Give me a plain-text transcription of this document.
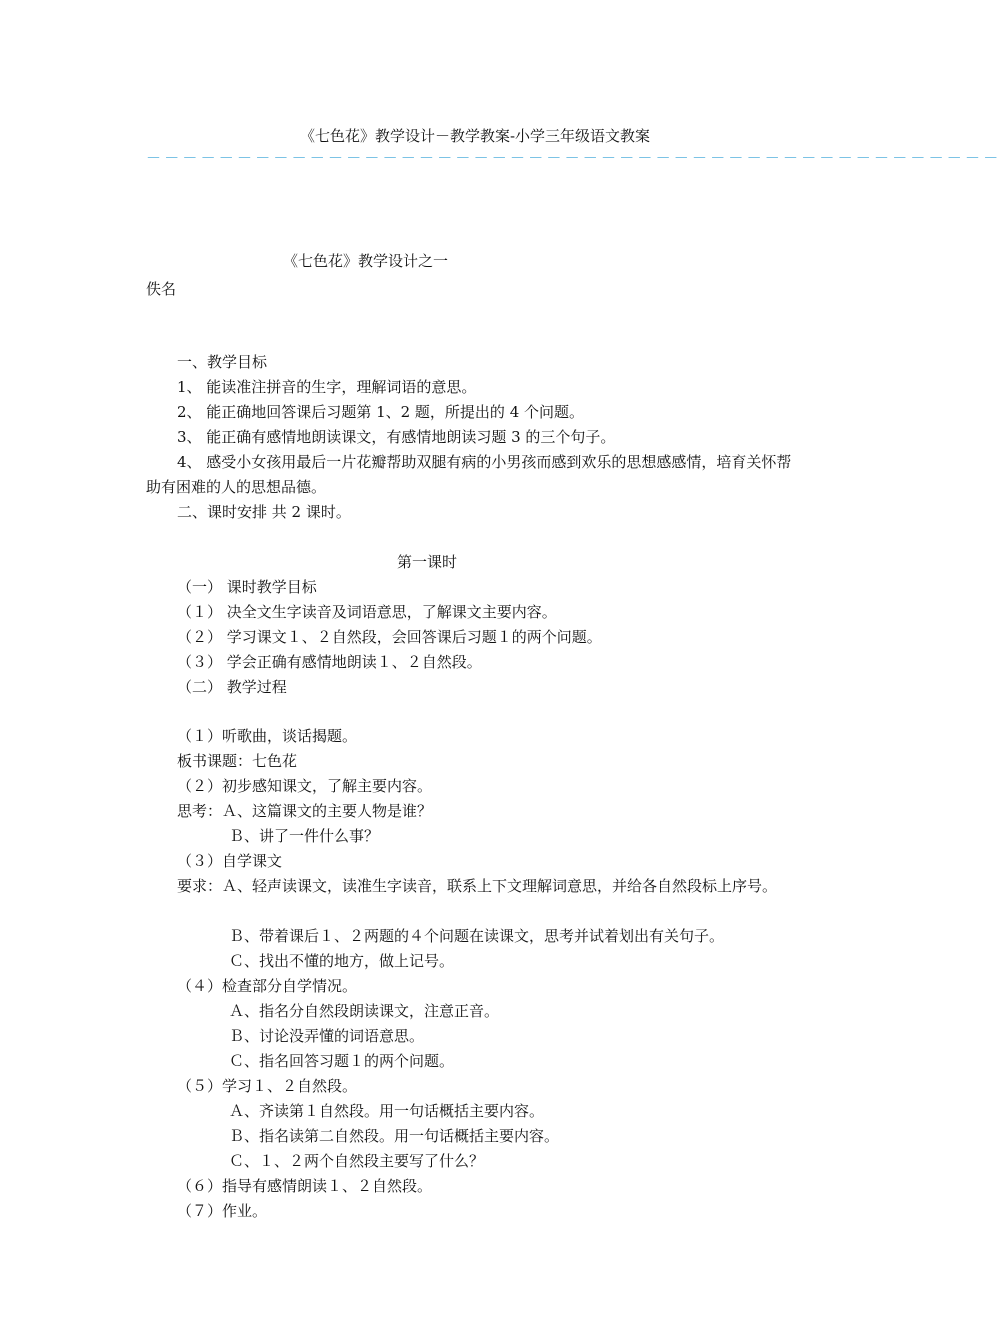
《七色花》教学设计－教学教案-小学三年级语文教案
－－－－－－－－－－－－－－－－－－－－－－－－－－－－－－－－－－－－－－－－－－－－－－－
《七色花》教学设计之一
佚名
一、教学目标
1、 能读准注拼音的生字，理解词语的意思。
2、 能正确地回答课后习题第 1、2 题，所提出的 4 个问题。
3、 能正确有感情地朗读课文，有感情地朗读习题 3 的三个句子。
4、 感受小女孩用最后一片花瓣帮助双腿有病的小男孩而感到欢乐的思想感感情，培育关怀帮助有困难的人的思想品德。
二、课时安排 共 2 课时。
第一课时
（一） 课时教学目标
（１） 决全文生字读音及词语意思，了解课文主要内容。
（２） 学习课文１、２自然段，会回答课后习题１的两个问题。
（３） 学会正确有感情地朗读１、２自然段。
（二） 教学过程
（１）听歌曲，谈话揭题。
板书课题：七色花
（２）初步感知课文，了解主要内容。
思考：Ａ、这篇课文的主要人物是谁？
Ｂ、讲了一件什么事？
（３）自学课文
要求：Ａ、轻声读课文，读准生字读音，联系上下文理解词意思，并给各自然段标上序号。
Ｂ、带着课后１、２两题的４个问题在读课文，思考并试着划出有关句子。
Ｃ、找出不懂的地方，做上记号。
（４）检查部分自学情况。
Ａ、指名分自然段朗读课文，注意正音。
Ｂ、讨论没弄懂的词语意思。
Ｃ、指名回答习题１的两个问题。
（５）学习１、２自然段。
Ａ、齐读第１自然段。用一句话概括主要内容。
Ｂ、指名读第二自然段。用一句话概括主要内容。
Ｃ、１、２两个自然段主要写了什么？
（６）指导有感情朗读１、２自然段。
（７）作业。
